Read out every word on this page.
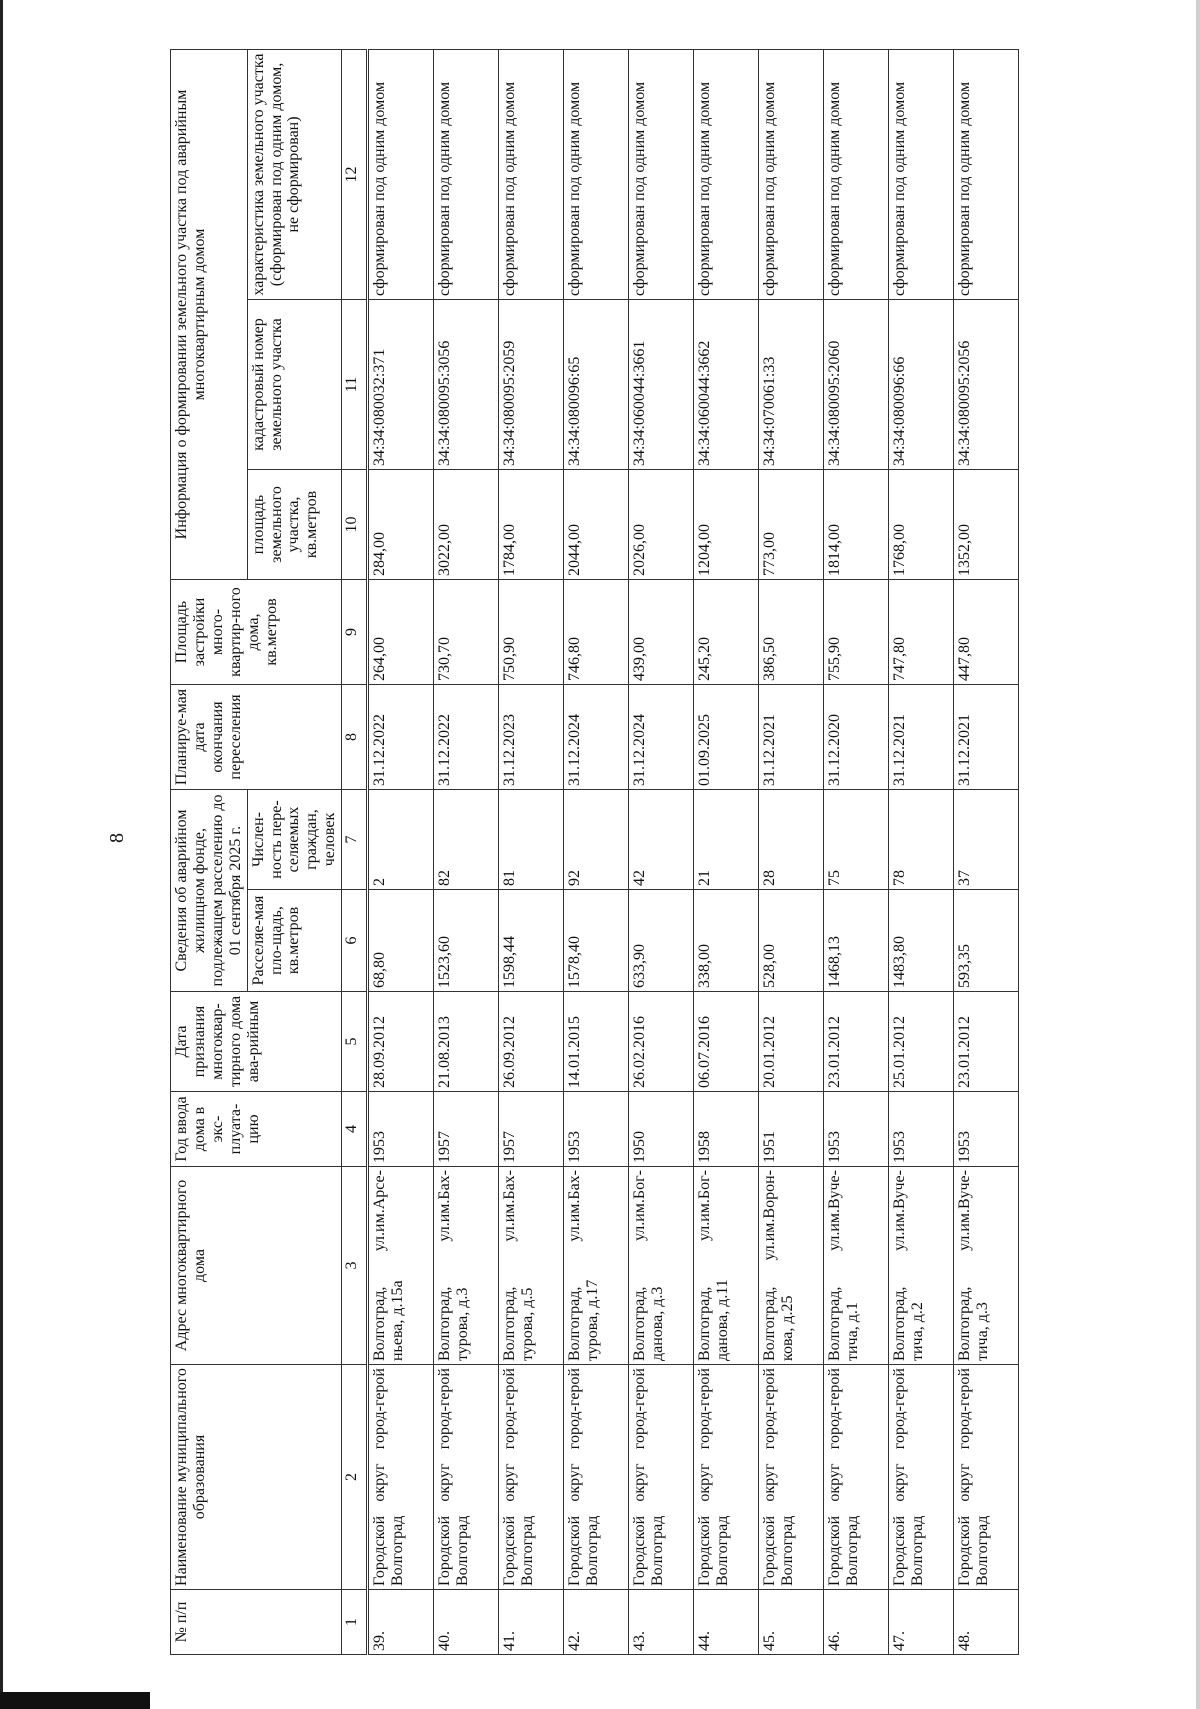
8
№ п/п	Наименование муниципального образования	Адрес многоквартирного дома	Год ввода дома в экс-плуата-цию	Дата признания многоквар-тирного дома ава-рийным	Сведения об аварийном жилищном фонде, подлежащем расселению до 01 сентября 2025 г.		Планируе-мая дата окончания переселения	Площадь застройки много-квартир-ного дома, кв.метров	Информация о формировании земельного участка под аварийным многоквартирным домом		
					Расселяе-мая пло-щадь, кв.метров	Числен-ность пере-селяемых граждан, человек			площадь земельного участка, кв.метров	кадастровый номер земельного участка	характеристика земельного участка (сформирован под одним домом, не сформирован)
1	2	3	4	5	6	7	8	9	10	11	12
39.	Городской округ город-герой Волгоград	Волгоград, ул.им.Арсе-ньева, д.15а	1953	28.09.2012	68,80	2	31.12.2022	264,00	284,00	34:34:080032:371	сформирован под одним домом
40.	Городской округ город-герой Волгоград	Волгоград, ул.им.Бах-турова, д.3	1957	21.08.2013	1523,60	82	31.12.2022	730,70	3022,00	34:34:080095:3056	сформирован под одним домом
41.	Городской округ город-герой Волгоград	Волгоград, ул.им.Бах-турова, д.5	1957	26.09.2012	1598,44	81	31.12.2023	750,90	1784,00	34:34:080095:2059	сформирован под одним домом
42.	Городской округ город-герой Волгоград	Волгоград, ул.им.Бах-турова, д.17	1953	14.01.2015	1578,40	92	31.12.2024	746,80	2044,00	34:34:080096:65	сформирован под одним домом
43.	Городской округ город-герой Волгоград	Волгоград, ул.им.Бог-данова, д.3	1950	26.02.2016	633,90	42	31.12.2024	439,00	2026,00	34:34:060044:3661	сформирован под одним домом
44.	Городской округ город-герой Волгоград	Волгоград, ул.им.Бог-данова, д.11	1958	06.07.2016	338,00	21	01.09.2025	245,20	1204,00	34:34:060044:3662	сформирован под одним домом
45.	Городской округ город-герой Волгоград	Волгоград, ул.им.Ворон-кова, д.25	1951	20.01.2012	528,00	28	31.12.2021	386,50	773,00	34:34:070061:33	сформирован под одним домом
46.	Городской округ город-герой Волгоград	Волгоград, ул.им.Вуче-тича, д.1	1953	23.01.2012	1468,13	75	31.12.2020	755,90	1814,00	34:34:080095:2060	сформирован под одним домом
47.	Городской округ город-герой Волгоград	Волгоград, ул.им.Вуче-тича, д.2	1953	25.01.2012	1483,80	78	31.12.2021	747,80	1768,00	34:34:080096:66	сформирован под одним домом
48.	Городской округ город-герой Волгоград	Волгоград, ул.им.Вуче-тича, д.3	1953	23.01.2012	593,35	37	31.12.2021	447,80	1352,00	34:34:080095:2056	сформирован под одним домом
